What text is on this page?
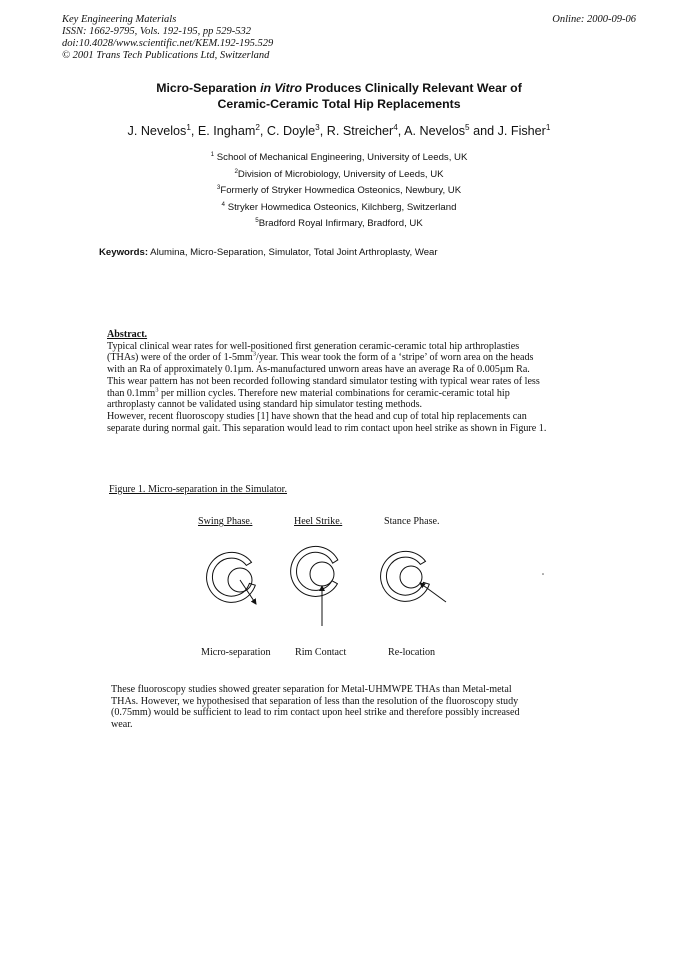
Key Engineering Materials
ISSN: 1662-9795, Vols. 192-195, pp 529-532
doi:10.4028/www.scientific.net/KEM.192-195.529
© 2001 Trans Tech Publications Ltd, Switzerland
Online: 2000-09-06
Micro-Separation in Vitro Produces Clinically Relevant Wear of
Ceramic-Ceramic Total Hip Replacements
J. Nevelos$^1$, E. Ingham$^2$, C. Doyle$^3$, R. Streicher$^4$, A. Nevelos$^5$ and J. Fisher$^1$
$^1$ School of Mechanical Engineering, University of Leeds, UK
$^2$Division of Microbiology, University of Leeds, UK
$^3$Formerly of Stryker Howmedica Osteonics, Newbury, UK
$^4$ Stryker Howmedica Osteonics, Kilchberg, Switzerland
$^5$Bradford Royal Infirmary, Bradford, UK
Keywords: Alumina, Micro-Separation, Simulator, Total Joint Arthroplasty, Wear
Abstract.

Typical clinical wear rates for well-positioned first generation ceramic-ceramic total hip arthroplasties (THAs) were of the order of $1-5mm^3$/year. This wear took the form of a ‘stripe’ of worn area on the heads with an Ra of approximately 0.1µm. As-manufactured unworn areas have an average Ra of 0.005µm Ra. This wear pattern has not been recorded following standard simulator testing with typical wear rates of less than $0.1mm^3$ per million cycles. Therefore new material combinations for ceramic-ceramic total hip arthroplasty cannot be validated using standard hip simulator testing methods.

However, recent fluoroscopy studies [1] have shown that the head and cup of total hip replacements can separate during normal gait. This separation would lead to rim contact upon heel strike as shown in Figure 1.

Figure 1. Micro-separation in the Simulator.
Swing Phase.	Heel Strike.	Stance Phase.
Micro-separation Rim Contact	Re-location

These fluoroscopy studies showed greater separation for Metal-UHMWPE THAs than Metal-metal THAs. However, we hypothesised that separation of less than the resolution of the fluoroscopy study (0.75mm) would be sufficient to lead to rim contact upon heel strike and therefore possibly increased wear.
